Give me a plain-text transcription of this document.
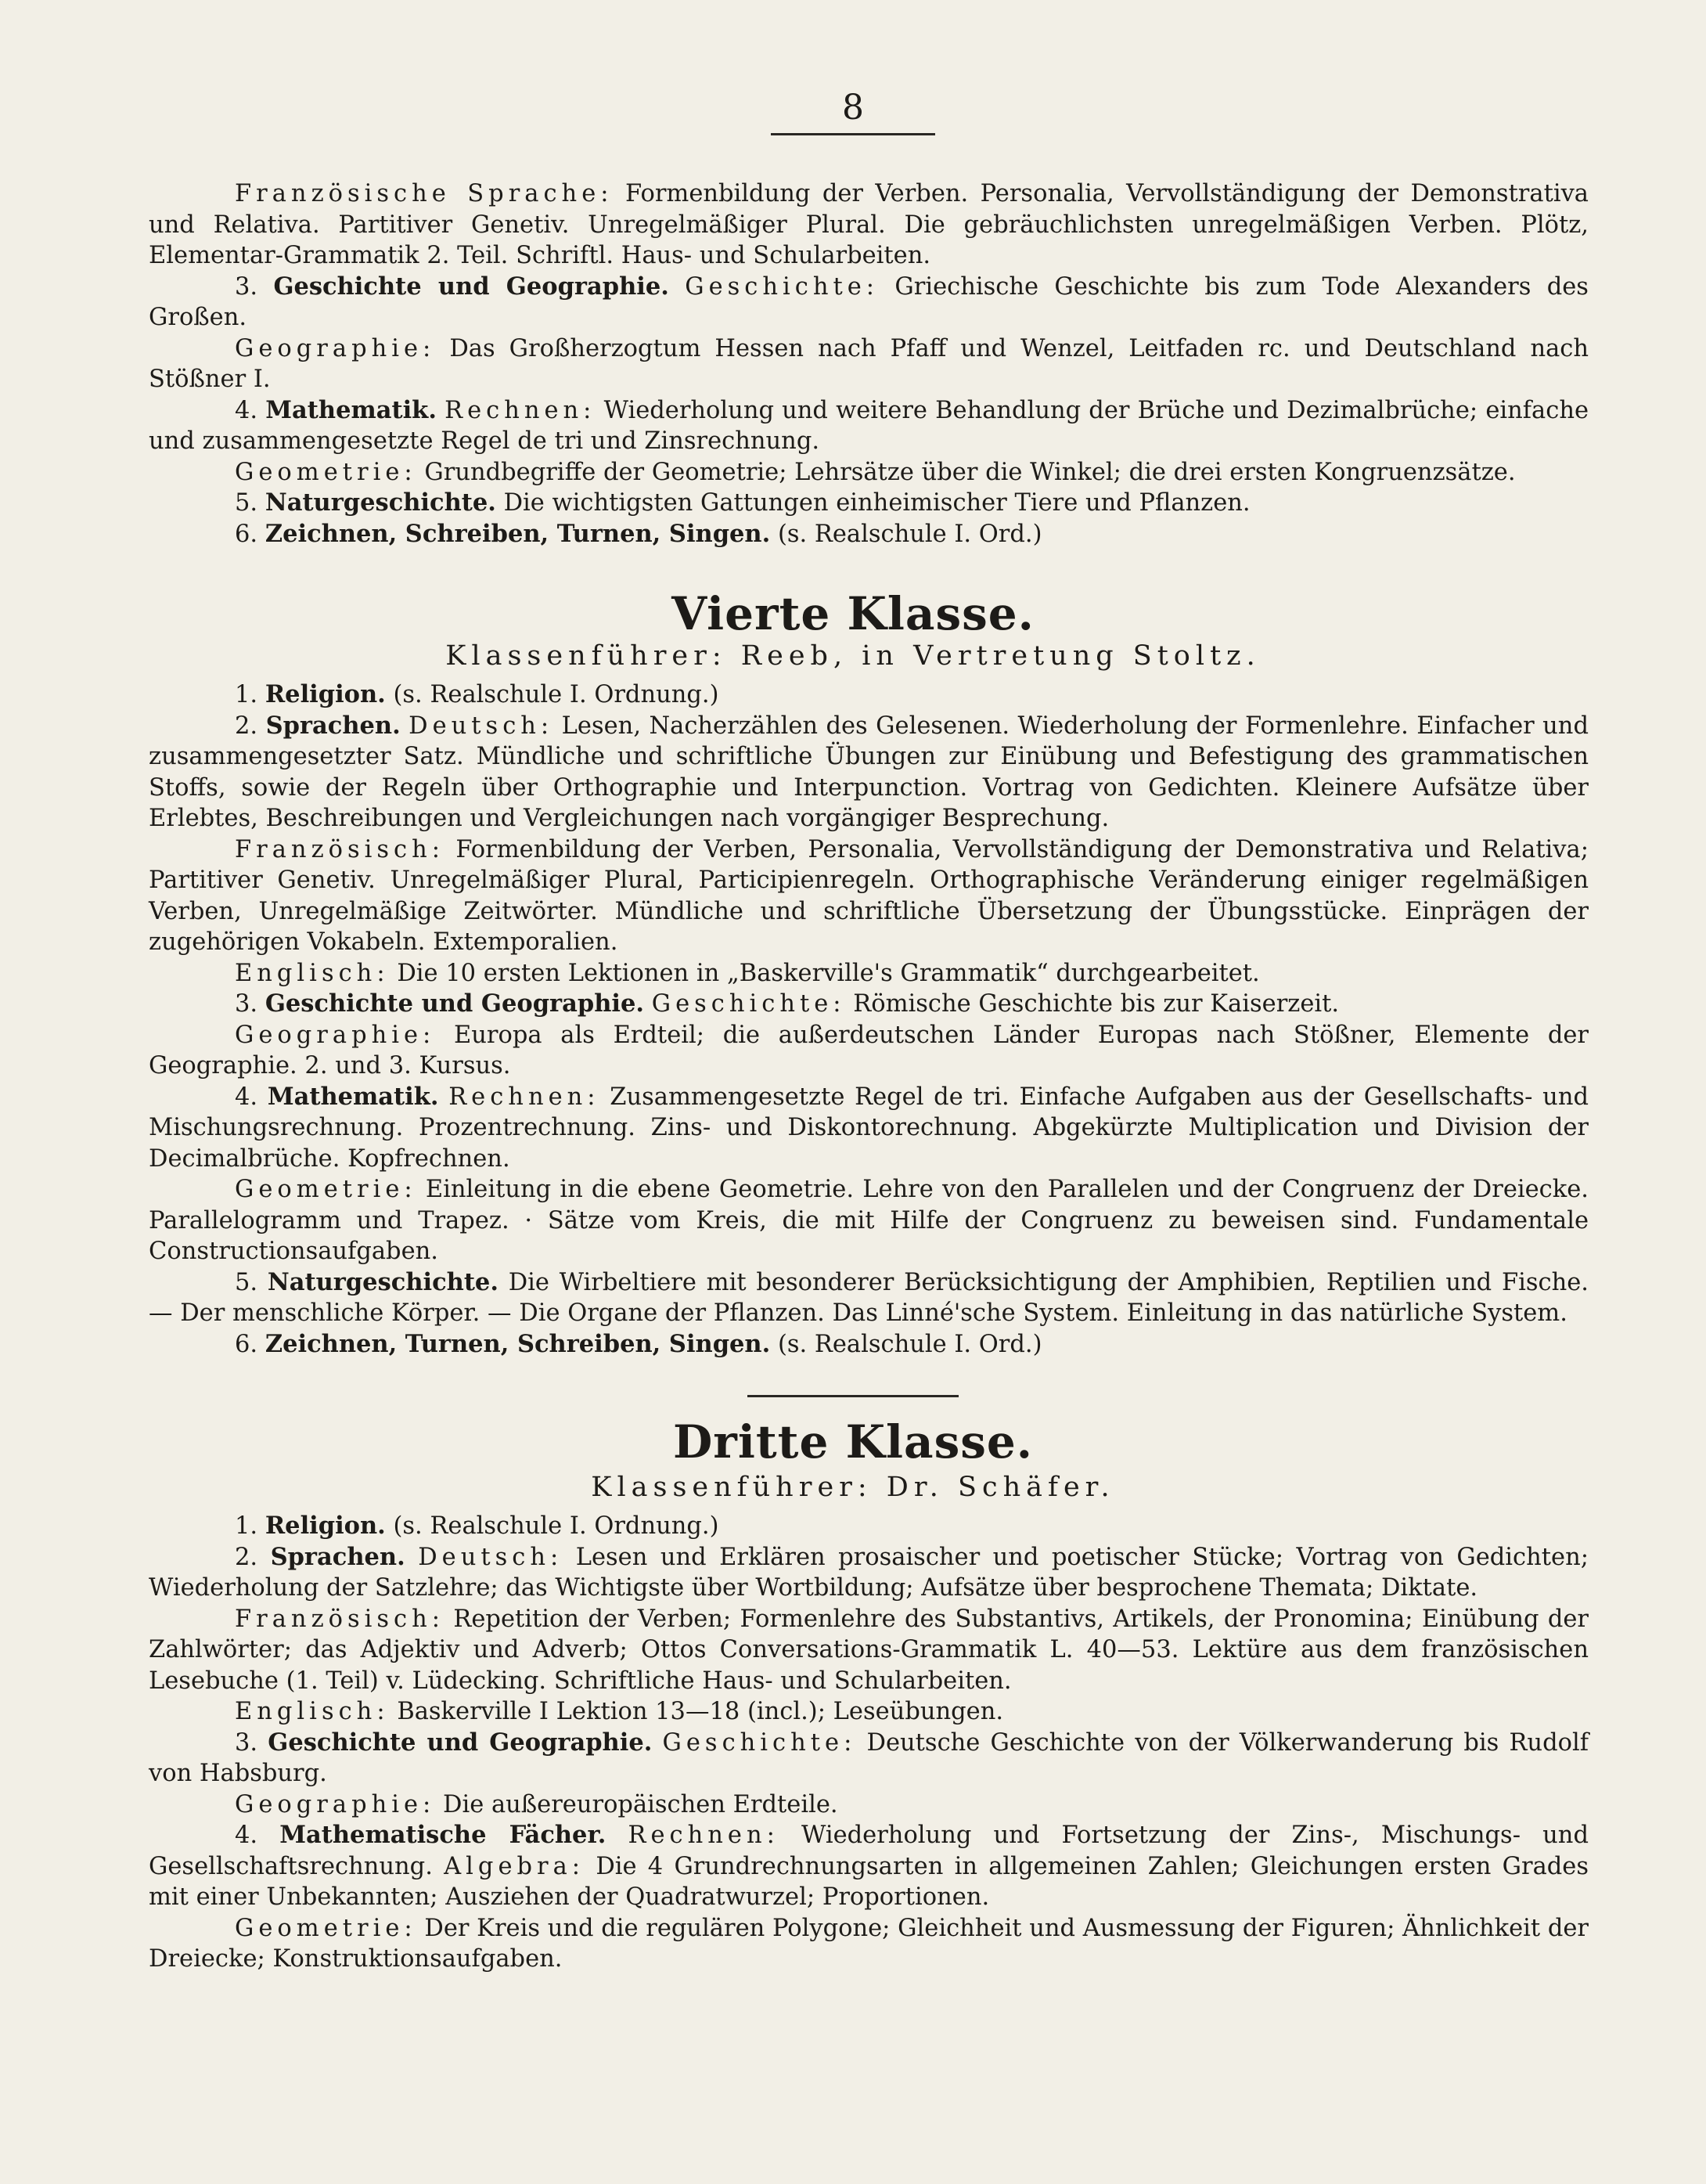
8

Französische Sprache: Formenbildung der Verben. Personalia, Vervollständigung der Demonstrativa und Relativa. Partitiver Genetiv. Unregelmäßiger Plural. Die gebräuchlichsten unregelmäßigen Verben. Plötz, Elementar-Grammatik 2. Teil. Schriftl. Haus- und Schularbeiten.

3. Geschichte und Geographie. Geschichte: Griechische Geschichte bis zum Tode Alexanders des Großen.

Geographie: Das Großherzogtum Hessen nach Pfaff und Wenzel, Leitfaden rc. und Deutschland nach Stößner I.

4. Mathematik. Rechnen: Wiederholung und weitere Behandlung der Brüche und Dezimalbrüche; einfache und zusammengesetzte Regel de tri und Zinsrechnung.

Geometrie: Grundbegriffe der Geometrie; Lehrsätze über die Winkel; die drei ersten Kongruenzsätze.

5. Naturgeschichte. Die wichtigsten Gattungen einheimischer Tiere und Pflanzen.

6. Zeichnen, Schreiben, Turnen, Singen. (s. Realschule I. Ord.)

Vierte Klasse.
Klassenführer: Reeb, in Vertretung Stoltz.

1. Religion. (s. Realschule I. Ordnung.)

2. Sprachen. Deutsch: Lesen, Nacherzählen des Gelesenen. Wiederholung der Formenlehre. Einfacher und zusammengesetzter Satz. Mündliche und schriftliche Übungen zur Einübung und Befestigung des grammatischen Stoffs, sowie der Regeln über Orthographie und Interpunction. Vortrag von Gedichten. Kleinere Aufsätze über Erlebtes, Beschreibungen und Vergleichungen nach vorgängiger Besprechung.

Französisch: Formenbildung der Verben, Personalia, Vervollständigung der Demonstrativa und Relativa; Partitiver Genetiv. Unregelmäßiger Plural, Participienregeln. Orthographische Veränderung einiger regelmäßigen Verben, Unregelmäßige Zeitwörter. Mündliche und schriftliche Übersetzung der Übungsstücke. Einprägen der zugehörigen Vokabeln. Extemporalien.

Englisch: Die 10 ersten Lektionen in „Baskerville's Grammatik“ durchgearbeitet.

3. Geschichte und Geographie. Geschichte: Römische Geschichte bis zur Kaiserzeit.

Geographie: Europa als Erdteil; die außerdeutschen Länder Europas nach Stößner, Elemente der Geographie. 2. und 3. Kursus.

4. Mathematik. Rechnen: Zusammengesetzte Regel de tri. Einfache Aufgaben aus der Gesellschafts- und Mischungsrechnung. Prozentrechnung. Zins- und Diskontorechnung. Abgekürzte Multiplication und Division der Decimalbrüche. Kopfrechnen.

Geometrie: Einleitung in die ebene Geometrie. Lehre von den Parallelen und der Congruenz der Dreiecke. Parallelogramm und Trapez. · Sätze vom Kreis, die mit Hilfe der Congruenz zu beweisen sind. Fundamentale Constructionsaufgaben.

5. Naturgeschichte. Die Wirbeltiere mit besonderer Berücksichtigung der Amphibien, Reptilien und Fische. — Der menschliche Körper. — Die Organe der Pflanzen. Das Linné'sche System. Einleitung in das natürliche System.

6. Zeichnen, Turnen, Schreiben, Singen. (s. Realschule I. Ord.)

Dritte Klasse.
Klassenführer: Dr. Schäfer.

1. Religion. (s. Realschule I. Ordnung.)

2. Sprachen. Deutsch: Lesen und Erklären prosaischer und poetischer Stücke; Vortrag von Gedichten; Wiederholung der Satzlehre; das Wichtigste über Wortbildung; Aufsätze über besprochene Themata; Diktate.

Französisch: Repetition der Verben; Formenlehre des Substantivs, Artikels, der Pronomina; Einübung der Zahlwörter; das Adjektiv und Adverb; Ottos Conversations-Grammatik L. 40—53. Lektüre aus dem französischen Lesebuche (1. Teil) v. Lüdecking. Schriftliche Haus- und Schularbeiten.

Englisch: Baskerville I Lektion 13—18 (incl.); Leseübungen.

3. Geschichte und Geographie. Geschichte: Deutsche Geschichte von der Völkerwanderung bis Rudolf von Habsburg.

Geographie: Die außereuropäischen Erdteile.

4. Mathematische Fächer. Rechnen: Wiederholung und Fortsetzung der Zins-, Mischungs- und Gesellschaftsrechnung. Algebra: Die 4 Grundrechnungsarten in allgemeinen Zahlen; Gleichungen ersten Grades mit einer Unbekannten; Ausziehen der Quadratwurzel; Proportionen.

Geometrie: Der Kreis und die regulären Polygone; Gleichheit und Ausmessung der Figuren; Ähnlichkeit der Dreiecke; Konstruktionsaufgaben.
